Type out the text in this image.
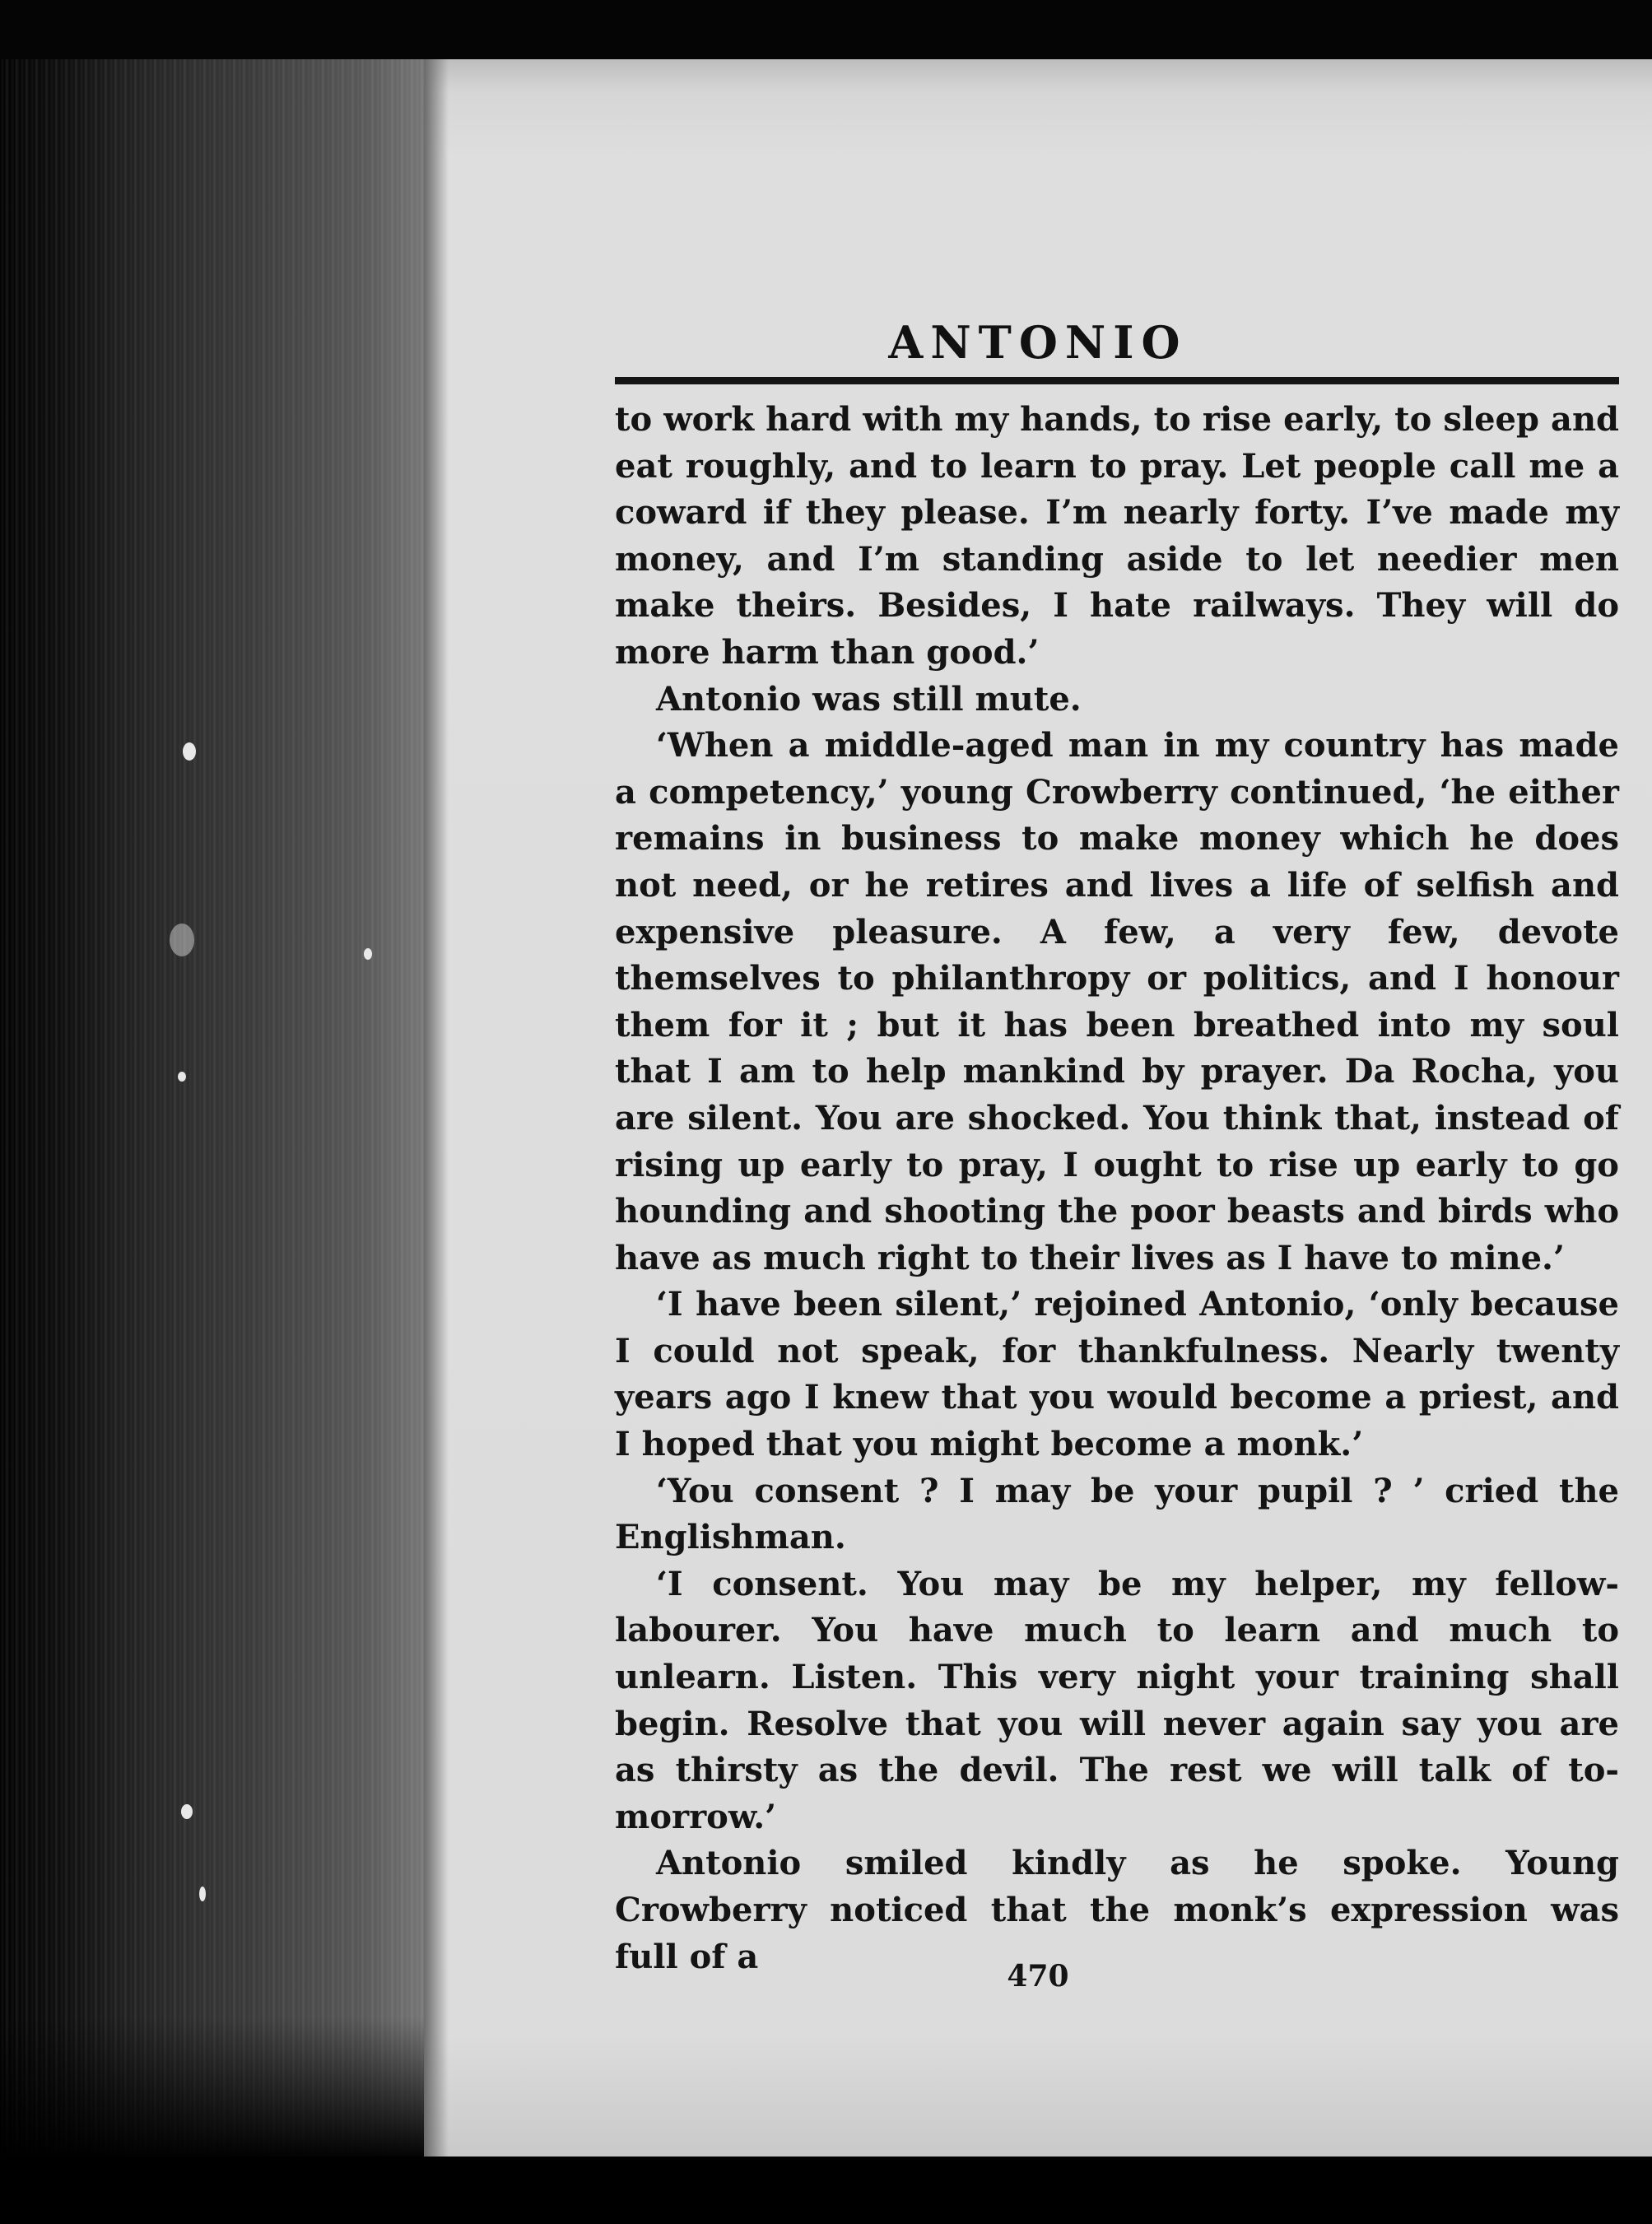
ANTONIO

to work hard with my hands, to rise early, to sleep and eat roughly, and to learn to pray. Let people call me a coward if they please. I’m nearly forty. I’ve made my money, and I’m standing aside to let needier men make theirs. Besides, I hate railways. They will do more harm than good.’

Antonio was still mute.

‘When a middle-aged man in my country has made a competency,’ young Crowberry continued, ‘he either remains in business to make money which he does not need, or he retires and lives a life of selfish and expensive pleasure. A few, a very few, devote themselves to philanthropy or politics, and I honour them for it ; but it has been breathed into my soul that I am to help mankind by prayer. Da Rocha, you are silent. You are shocked. You think that, instead of rising up early to pray, I ought to rise up early to go hounding and shooting the poor beasts and birds who have as much right to their lives as I have to mine.’

‘I have been silent,’ rejoined Antonio, ‘only because I could not speak, for thankfulness. Nearly twenty years ago I knew that you would become a priest, and I hoped that you might become a monk.’

‘You consent ? I may be your pupil ? ’ cried the Englishman.

‘I consent. You may be my helper, my fellow-labourer. You have much to learn and much to unlearn. Listen. This very night your training shall begin. Resolve that you will never again say you are as thirsty as the devil. The rest we will talk of to-morrow.’

Antonio smiled kindly as he spoke. Young Crowberry noticed that the monk’s expression was full of a

470
